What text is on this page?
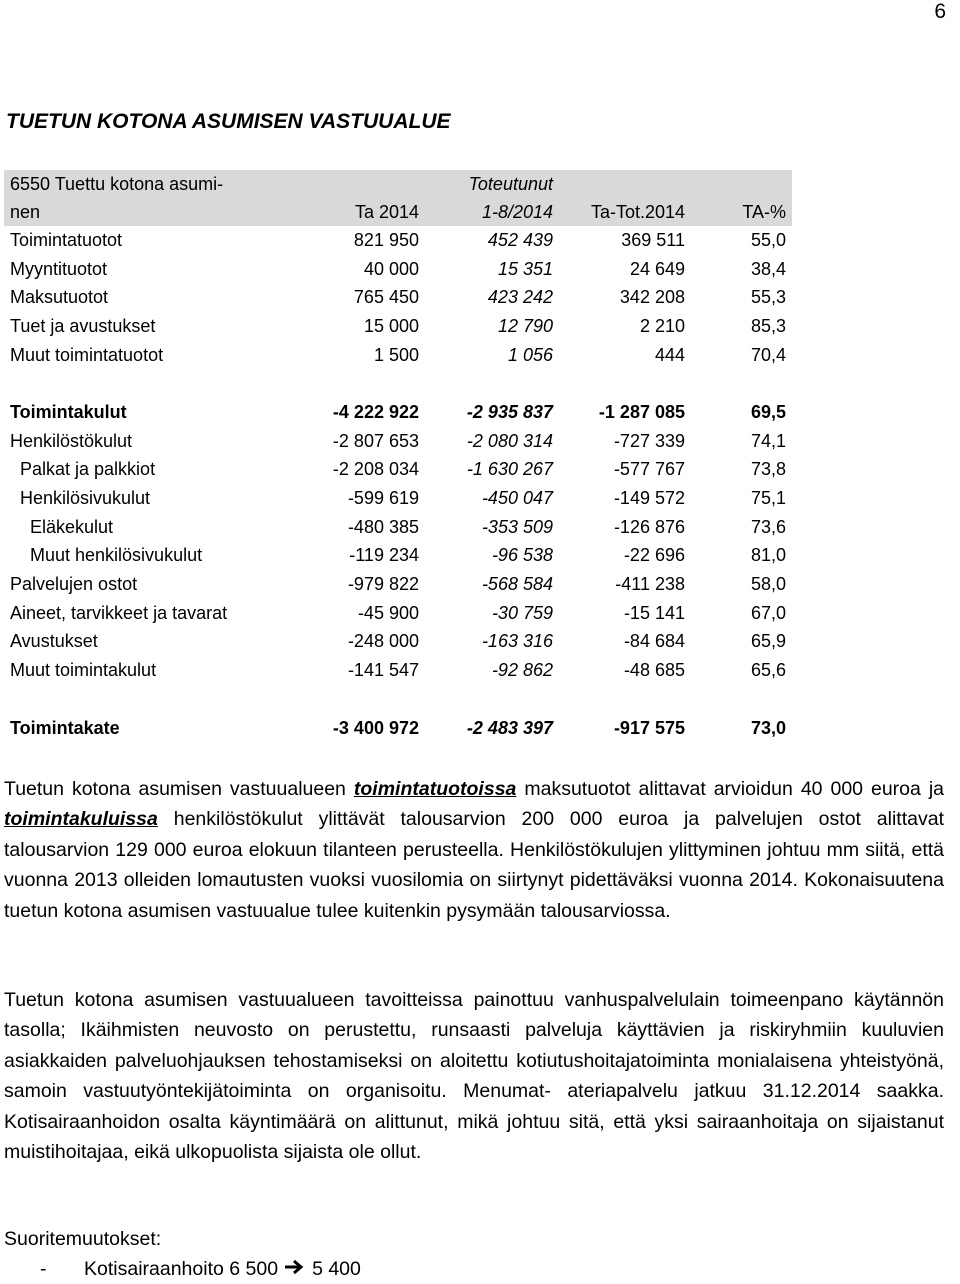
6
TUETUN KOTONA ASUMISEN VASTUUALUE
6550 Tuettu kotona asumi-		Toteutunut		
nen	Ta 2014	1-8/2014	Ta-Tot.2014	TA-%
Toimintatuotot	821 950	452 439	369 511	55,0
Myyntituotot	40 000	15 351	24 649	38,4
Maksutuotot	765 450	423 242	342 208	55,3
Tuet ja avustukset	15 000	12 790	2 210	85,3
Muut toimintatuotot	1 500	1 056	444	70,4

Toimintakulut	-4 222 922	-2 935 837	-1 287 085	69,5
Henkilöstökulut	-2 807 653	-2 080 314	-727 339	74,1
Palkat ja palkkiot	-2 208 034	-1 630 267	-577 767	73,8
Henkilösivukulut	-599 619	-450 047	-149 572	75,1
Eläkekulut	-480 385	-353 509	-126 876	73,6
Muut henkilösivukulut	-119 234	-96 538	-22 696	81,0
Palvelujen ostot	-979 822	-568 584	-411 238	58,0
Aineet, tarvikkeet ja tavarat	-45 900	-30 759	-15 141	67,0
Avustukset	-248 000	-163 316	-84 684	65,9
Muut toimintakulut	-141 547	-92 862	-48 685	65,6

Toimintakate	-3 400 972	-2 483 397	-917 575	73,0

Tuetun kotona asumisen vastuualueen toimintatuotoissa maksutuotot alittavat arvioidun 40 000 euroa ja toimintakuluissa henkilöstökulut ylittävät talousarvion 200 000 euroa ja palvelujen ostot alittavat talousarvion 129 000 euroa elokuun tilanteen perusteella. Henkilöstökulujen ylittyminen johtuu mm siitä, että vuonna 2013 olleiden lomautusten vuoksi vuosilomia on siirtynyt pidettäväksi vuonna 2014. Kokonaisuutena tuetun kotona asumisen vastuualue tulee kuitenkin pysymään talousarviossa.

Tuetun kotona asumisen vastuualueen tavoitteissa painottuu vanhuspalvelulain toimeenpano käytännön tasolla; Ikäihmisten neuvosto on perustettu, runsaasti palveluja käyttävien ja riskiryhmiin kuuluvien asiakkaiden palveluohjauksen tehostamiseksi on aloitettu kotiutushoitajatoiminta monialaisena yhteistyönä, samoin vastuutyöntekijätoiminta on organisoitu. Menumat- ateriapalvelu jatkuu 31.12.2014 saakka. Kotisairaanhoidon osalta käyntimäärä on alittunut, mikä johtuu sitä, että yksi sairaanhoitaja on sijaistanut muistihoitajaa, eikä ulkopuolista sijaista ole ollut.

Suoritemuutokset:

-	Kotisairaanhoito 6 500 5 400
